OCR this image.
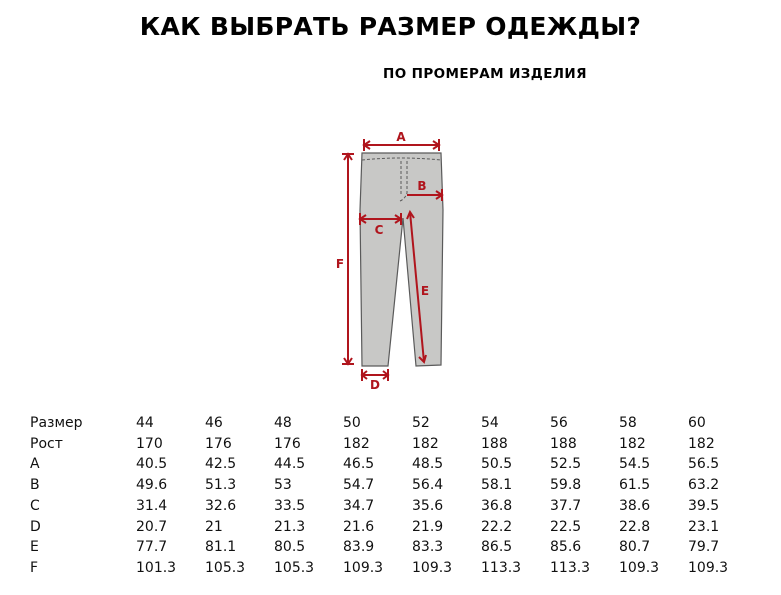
КАК ВЫБРАТЬ РАЗМЕР ОДЕЖДЫ?
ПО ПРОМЕРАМ ИЗДЕЛИЯ
A
B
C
D
E
F
Размер	44	46	48	50	52	54	56	58	60
Рост	170	176	176	182	182	188	188	182	182
A	40.5	42.5	44.5	46.5	48.5	50.5	52.5	54.5	56.5
B	49.6	51.3	53	54.7	56.4	58.1	59.8	61.5	63.2
C	31.4	32.6	33.5	34.7	35.6	36.8	37.7	38.6	39.5
D	20.7	21	21.3	21.6	21.9	22.2	22.5	22.8	23.1
E	77.7	81.1	80.5	83.9	83.3	86.5	85.6	80.7	79.7
F	101.3	105.3	105.3	109.3	109.3	113.3	113.3	109.3	109.3
